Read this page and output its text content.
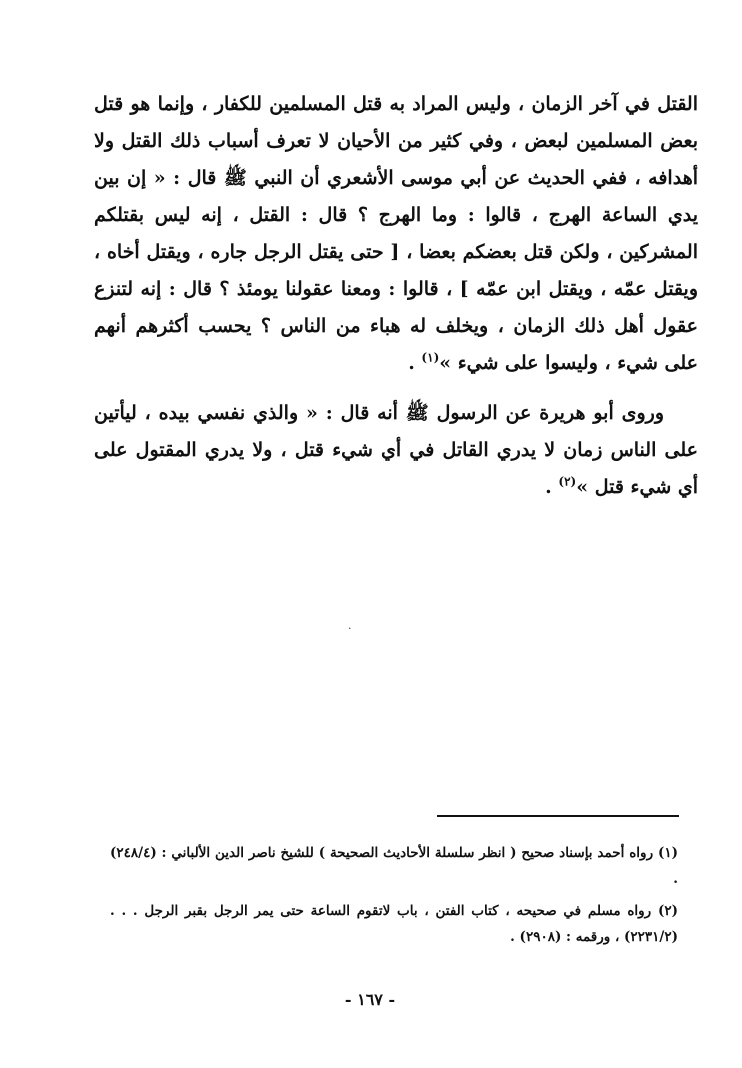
القتل في آخر الزمان ، وليس المراد به قتل المسلمين للكفار ، وإنما هو قتل بعض المسلمين لبعض ، وفي كثير من الأحيان لا تعرف أسباب ذلك القتل ولا أهدافه ، ففي الحديث عن أبي موسى الأشعري أن النبي ﷺ قال : « إن بين يدي الساعة الهرج ، قالوا : وما الهرج ؟ قال : القتل ، إنه ليس بقتلكم المشركين ، ولكن قتل بعضكم بعضا ، [ حتى يقتل الرجل جاره ، ويقتل أخاه ، ويقتل عمّه ، ويقتل ابن عمّه ] ، قالوا : ومعنا عقولنا يومئذ ؟ قال : إنه لتنزع عقول أهل ذلك الزمان ، ويخلف له هباء من الناس ؟ يحسب أكثرهم أنهم على شيء ، وليسوا على شيء »$^{(١)}$ .

وروى أبو هريرة عن الرسول ﷺ أنه قال : « والذي نفسي بيده ، ليأتين على الناس زمان لا يدري القاتل في أي شيء قتل ، ولا يدري المقتول على أي شيء قتل »$^{(٢)}$ .

·

(١) رواه أحمد بإسناد صحيح ( انظر سلسلة الأحاديث الصحيحة ) للشيخ ناصر الدين الألباني : (٢٤٨/٤) .

(٢) رواه مسلم في صحيحه ، كتاب الفتن ، باب لاتقوم الساعة حتى يمر الرجل بقبر الرجل . . . (٢٢٣١/٢) ، ورقمه : (٢٩٠٨) .

- ١٦٧ -
